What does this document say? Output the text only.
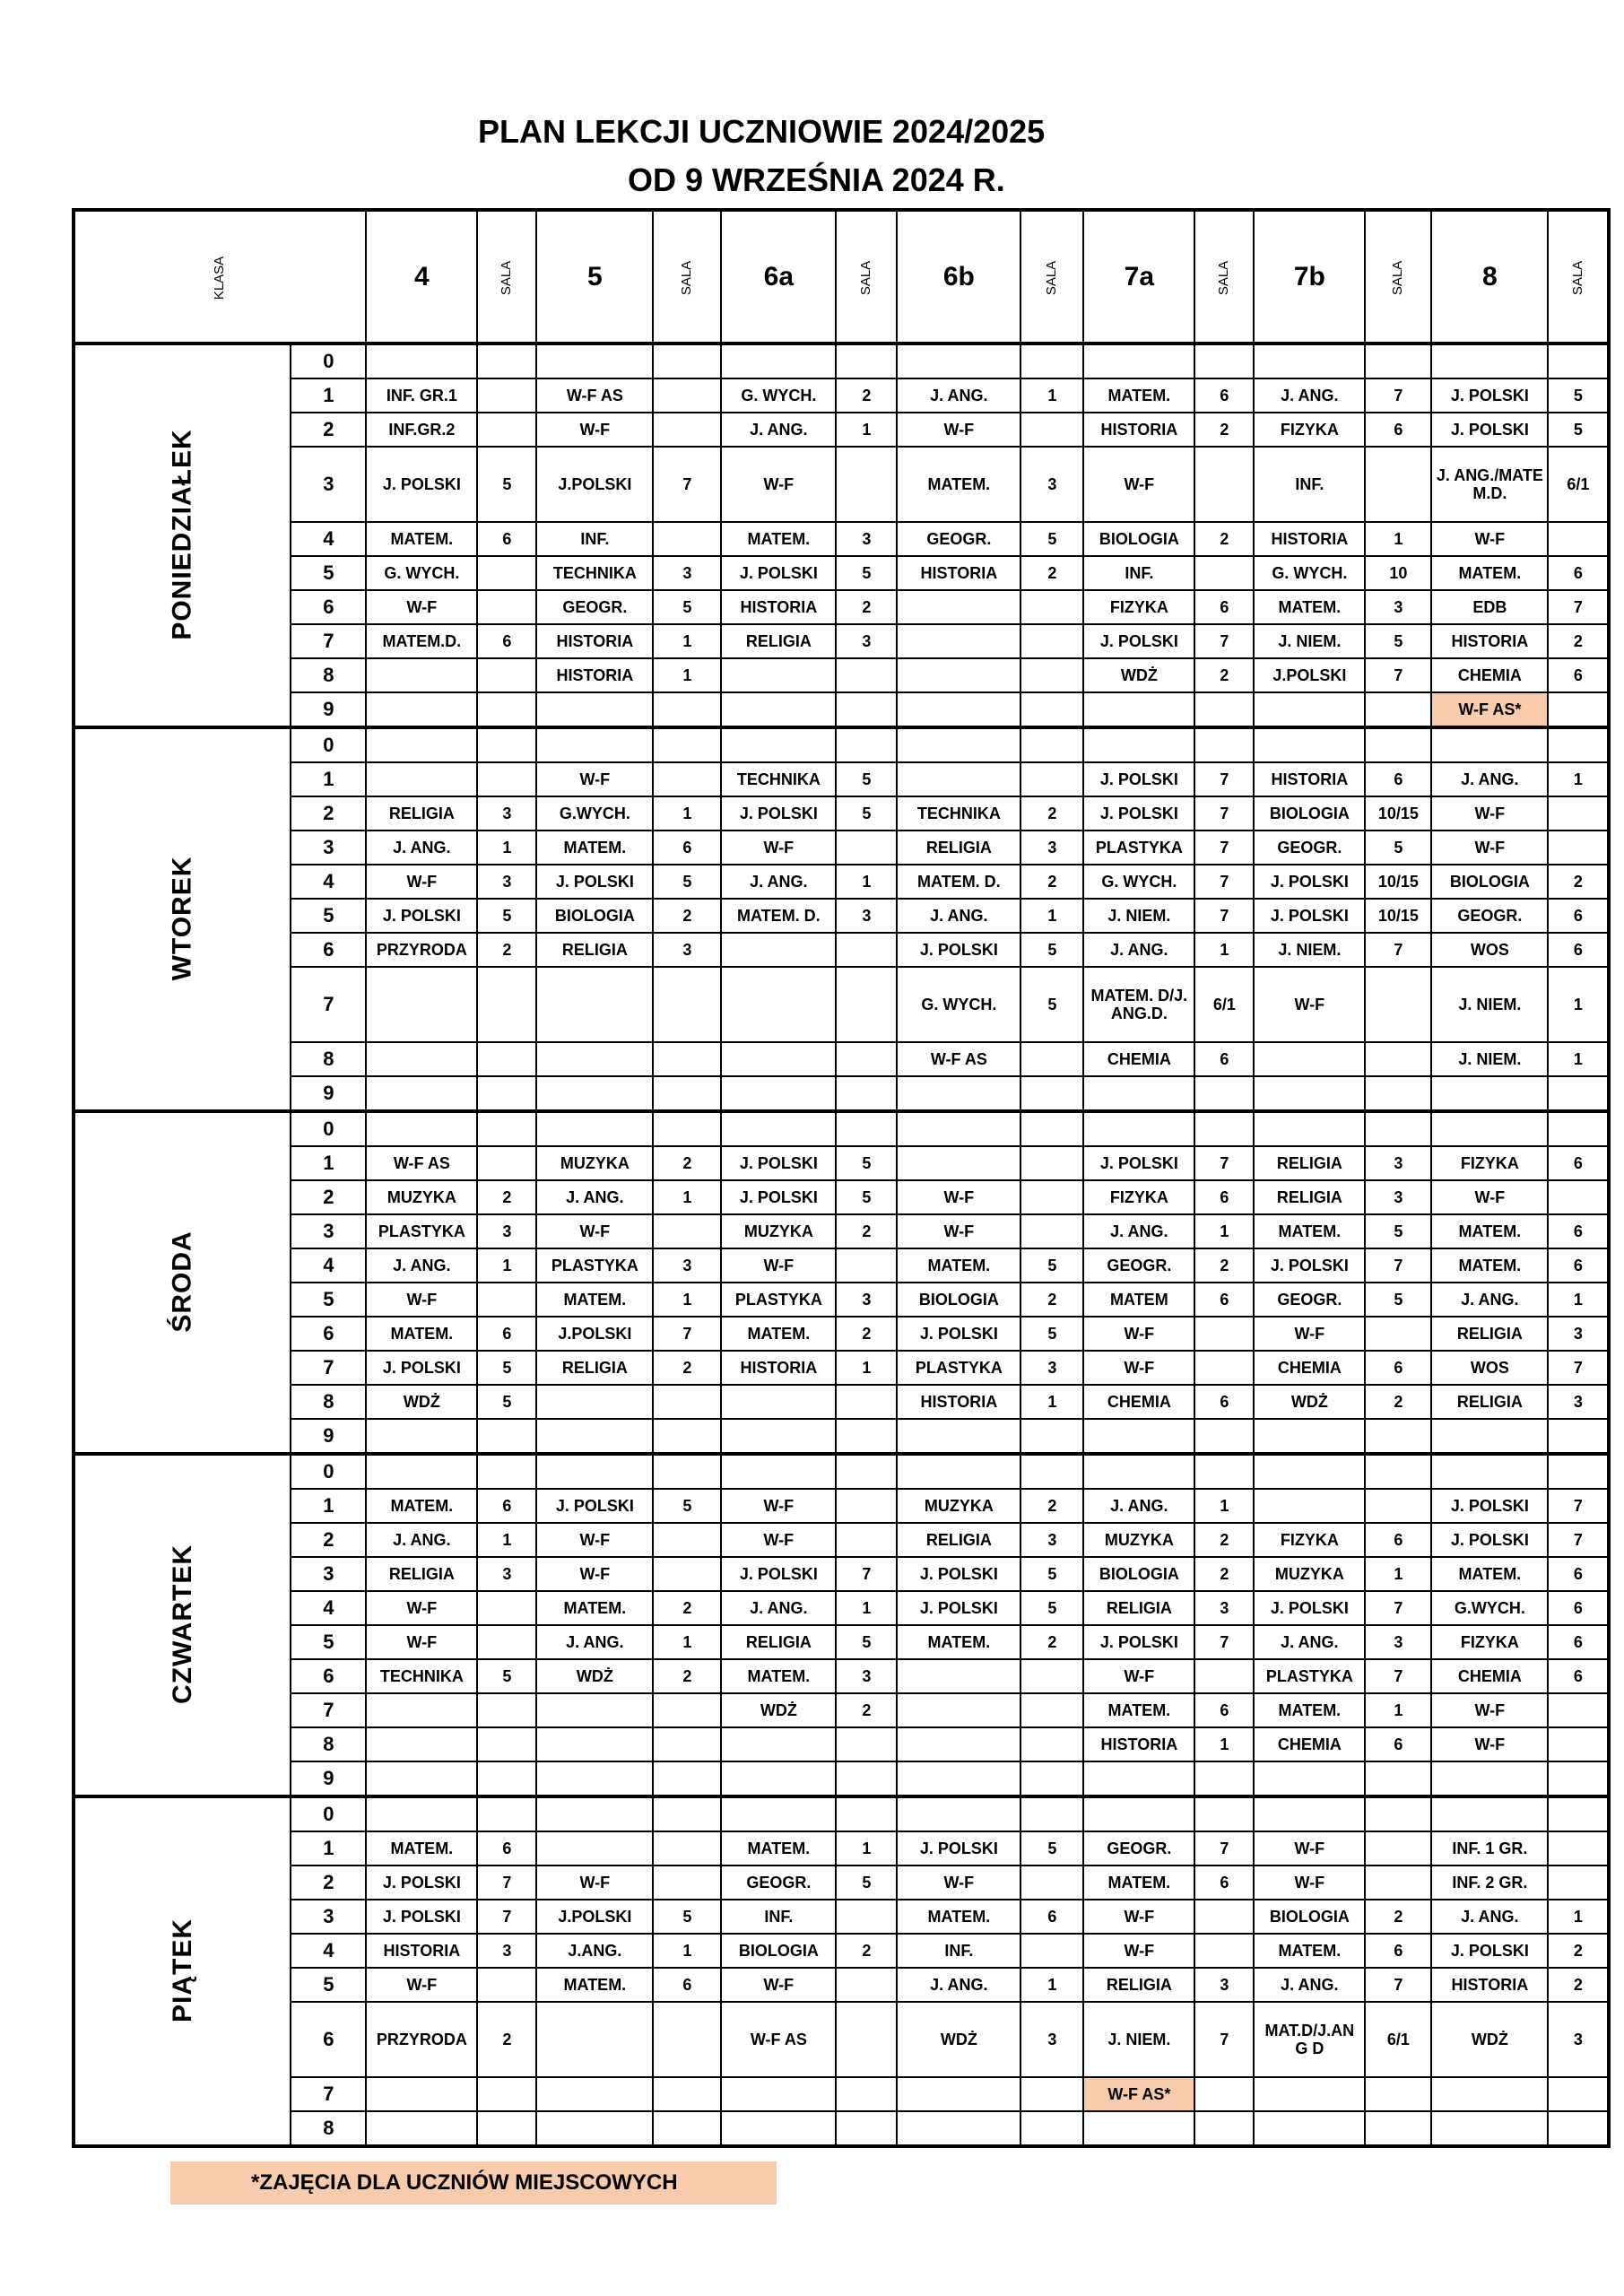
PLAN LEKCJI UCZNIOWIE 2024/2025
OD 9 WRZEŚNIA 2024 R.
KLASA		4	SALA	5	SALA	6a	SALA	6b	SALA	7a	SALA	7b	SALA	8	SALA
PONIEDZIAŁEK	0														
	1	INF. GR.1		W-F AS		G. WYCH.	2	J. ANG.	1	MATEM.	6	J. ANG.	7	J. POLSKI	5
	2	INF.GR.2		W-F		J. ANG.	1	W-F		HISTORIA	2	FIZYKA	6	J. POLSKI	5
	3	J. POLSKI	5	J.POLSKI	7	W-F		MATEM.	3	W-F		INF.		J. ANG./MATE M.D.	6/1
	4	MATEM.	6	INF.		MATEM.	3	GEOGR.	5	BIOLOGIA	2	HISTORIA	1	W-F	
	5	G. WYCH.		TECHNIKA	3	J. POLSKI	5	HISTORIA	2	INF.		G. WYCH.	10	MATEM.	6
	6	W-F		GEOGR.	5	HISTORIA	2			FIZYKA	6	MATEM.	3	EDB	7
	7	MATEM.D.	6	HISTORIA	1	RELIGIA	3			J. POLSKI	7	J. NIEM.	5	HISTORIA	2
	8			HISTORIA	1					WDŻ	2	J.POLSKI	7	CHEMIA	6
	9													W-F AS*	
WTOREK	0														
	1			W-F		TECHNIKA	5			J. POLSKI	7	HISTORIA	6	J. ANG.	1
	2	RELIGIA	3	G.WYCH.	1	J. POLSKI	5	TECHNIKA	2	J. POLSKI	7	BIOLOGIA	10/15	W-F	
	3	J. ANG.	1	MATEM.	6	W-F		RELIGIA	3	PLASTYKA	7	GEOGR.	5	W-F	
	4	W-F	3	J. POLSKI	5	J. ANG.	1	MATEM. D.	2	G. WYCH.	7	J. POLSKI	10/15	BIOLOGIA	2
	5	J. POLSKI	5	BIOLOGIA	2	MATEM. D.	3	J. ANG.	1	J. NIEM.	7	J. POLSKI	10/15	GEOGR.	6
	6	PRZYRODA	2	RELIGIA	3			J. POLSKI	5	J. ANG.	1	J. NIEM.	7	WOS	6
	7							G. WYCH.	5	MATEM. D/J. ANG.D.	6/1	W-F		J. NIEM.	1
	8							W-F AS		CHEMIA	6			J. NIEM.	1
	9														
ŚRODA	0														
	1	W-F AS		MUZYKA	2	J. POLSKI	5			J. POLSKI	7	RELIGIA	3	FIZYKA	6
	2	MUZYKA	2	J. ANG.	1	J. POLSKI	5	W-F		FIZYKA	6	RELIGIA	3	W-F	
	3	PLASTYKA	3	W-F		MUZYKA	2	W-F		J. ANG.	1	MATEM.	5	MATEM.	6
	4	J. ANG.	1	PLASTYKA	3	W-F		MATEM.	5	GEOGR.	2	J. POLSKI	7	MATEM.	6
	5	W-F		MATEM.	1	PLASTYKA	3	BIOLOGIA	2	MATEM	6	GEOGR.	5	J. ANG.	1
	6	MATEM.	6	J.POLSKI	7	MATEM.	2	J. POLSKI	5	W-F		W-F		RELIGIA	3
	7	J. POLSKI	5	RELIGIA	2	HISTORIA	1	PLASTYKA	3	W-F		CHEMIA	6	WOS	7
	8	WDŻ	5					HISTORIA	1	CHEMIA	6	WDŻ	2	RELIGIA	3
	9														
CZWARTEK	0														
	1	MATEM.	6	J. POLSKI	5	W-F		MUZYKA	2	J. ANG.	1			J. POLSKI	7
	2	J. ANG.	1	W-F		W-F		RELIGIA	3	MUZYKA	2	FIZYKA	6	J. POLSKI	7
	3	RELIGIA	3	W-F		J. POLSKI	7	J. POLSKI	5	BIOLOGIA	2	MUZYKA	1	MATEM.	6
	4	W-F		MATEM.	2	J. ANG.	1	J. POLSKI	5	RELIGIA	3	J. POLSKI	7	G.WYCH.	6
	5	W-F		J. ANG.	1	RELIGIA	5	MATEM.	2	J. POLSKI	7	J. ANG.	3	FIZYKA	6
	6	TECHNIKA	5	WDŻ	2	MATEM.	3			W-F		PLASTYKA	7	CHEMIA	6
	7					WDŻ	2			MATEM.	6	MATEM.	1	W-F	
	8									HISTORIA	1	CHEMIA	6	W-F	
	9														
PIĄTEK	0														
	1	MATEM.	6			MATEM.	1	J. POLSKI	5	GEOGR.	7	W-F		INF. 1 GR.	
	2	J. POLSKI	7	W-F		GEOGR.	5	W-F		MATEM.	6	W-F		INF. 2 GR.	
	3	J. POLSKI	7	J.POLSKI	5	INF.		MATEM.	6	W-F		BIOLOGIA	2	J. ANG.	1
	4	HISTORIA	3	J.ANG.	1	BIOLOGIA	2	INF.		W-F		MATEM.	6	J. POLSKI	2
	5	W-F		MATEM.	6	W-F		J. ANG.	1	RELIGIA	3	J. ANG.	7	HISTORIA	2
	6	PRZYRODA	2			W-F AS		WDŻ	3	J. NIEM.	7	MAT.D/J.AN G D	6/1	WDŻ	3
	7									W-F AS*					
	8														
*ZAJĘCIA DLA UCZNIÓW MIEJSCOWYCH
